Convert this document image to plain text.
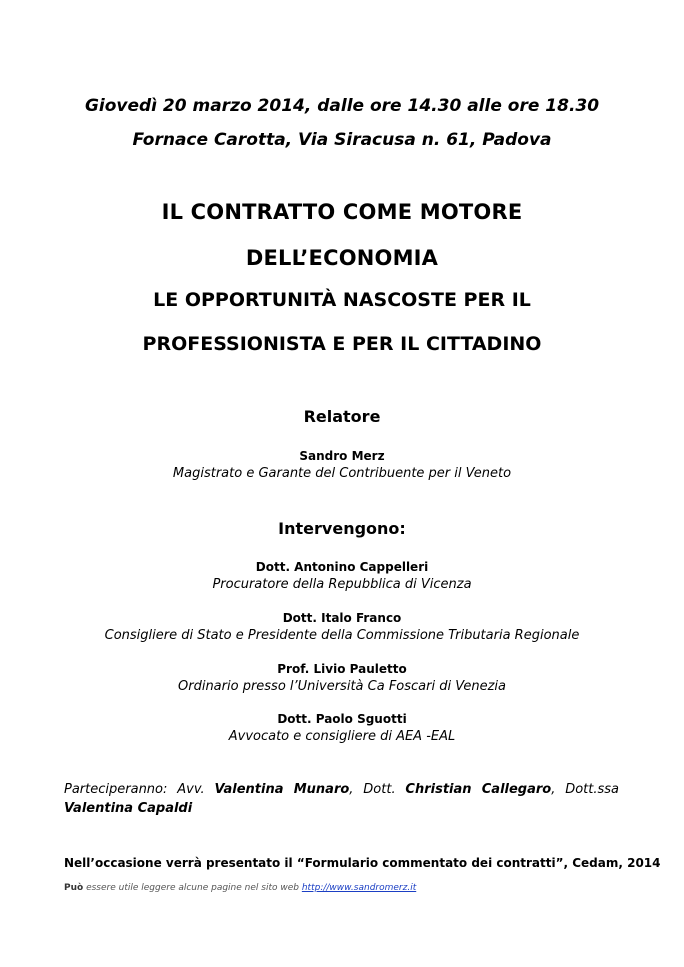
Giovedì 20 marzo 2014, dalle ore 14.30 alle ore 18.30
Fornace Carotta, Via Siracusa n. 61, Padova
IL CONTRATTO COME MOTORE
DELL’ECONOMIA
LE OPPORTUNITÀ NASCOSTE PER IL
PROFESSIONISTA E PER IL CITTADINO
Relatore
Sandro Merz
Magistrato e Garante del Contribuente per il Veneto
Intervengono:
Dott. Antonino Cappelleri
Procuratore della Repubblica di Vicenza
Dott. Italo Franco
Consigliere di Stato e Presidente della Commissione Tributaria Regionale
Prof. Livio Pauletto
Ordinario presso l’Università Ca Foscari di Venezia
Dott. Paolo Sguotti
Avvocato e consigliere di AEA -EAL
Parteciperanno: Avv. Valentina Munaro, Dott. Christian Callegaro, Dott.ssa
Valentina Capaldi
Nell’occasione verrà presentato il “Formulario commentato dei contratti”, Cedam, 2014
Può essere utile leggere alcune pagine nel sito web http://www.sandromerz.it
